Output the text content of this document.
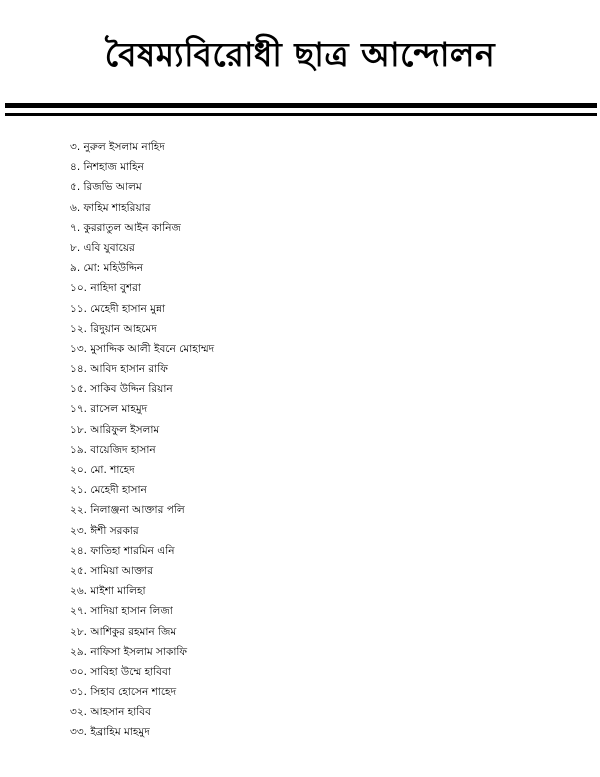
বৈষম্যবিরোধী ছাত্র আন্দোলন
৩. নুরুল ইসলাম নাহিদ
৪. নিশহাজ মাহিন
৫. রিজভি আলম
৬. ফাহিম শাহরিয়ার
৭. কুররাতুল আইন কানিজ
৮. এবি যুবায়ের
৯. মো: মহিউদ্দিন
১০. নাহিদা বুশরা
১১. মেহেদী হাসান মুন্না
১২. রিদুয়ান আহমেদ
১৩. মুসাদ্দিক আলী ইবনে মোহাম্মদ
১৪. আবিদ হাসান রাফি
১৫. সাকিব উদ্দিন রিয়ান
১৭. রাসেল মাহমুদ
১৮. আরিফুল ইসলাম
১৯. বায়েজিদ হাসান
২০. মো. শাহেদ
২১. মেহেদী হাসান
২২. নিলাঞ্জনা আক্তার পলি
২৩. ঈশী সরকার
২৪. ফাতিহা শারমিন এনি
২৫. সামিয়া আক্তার
২৬. মাইশা মালিহা
২৭. সাদিয়া হাসান লিজা
২৮. আশিকুর রহমান জিম
২৯. নাফিসা ইসলাম সাকাফি
৩০. সাবিহা উম্মে হাবিবা
৩১. সিহাব হোসেন শাহেদ
৩২. আহসান হাবিব
৩৩. ইব্রাহিম মাহমুদ
